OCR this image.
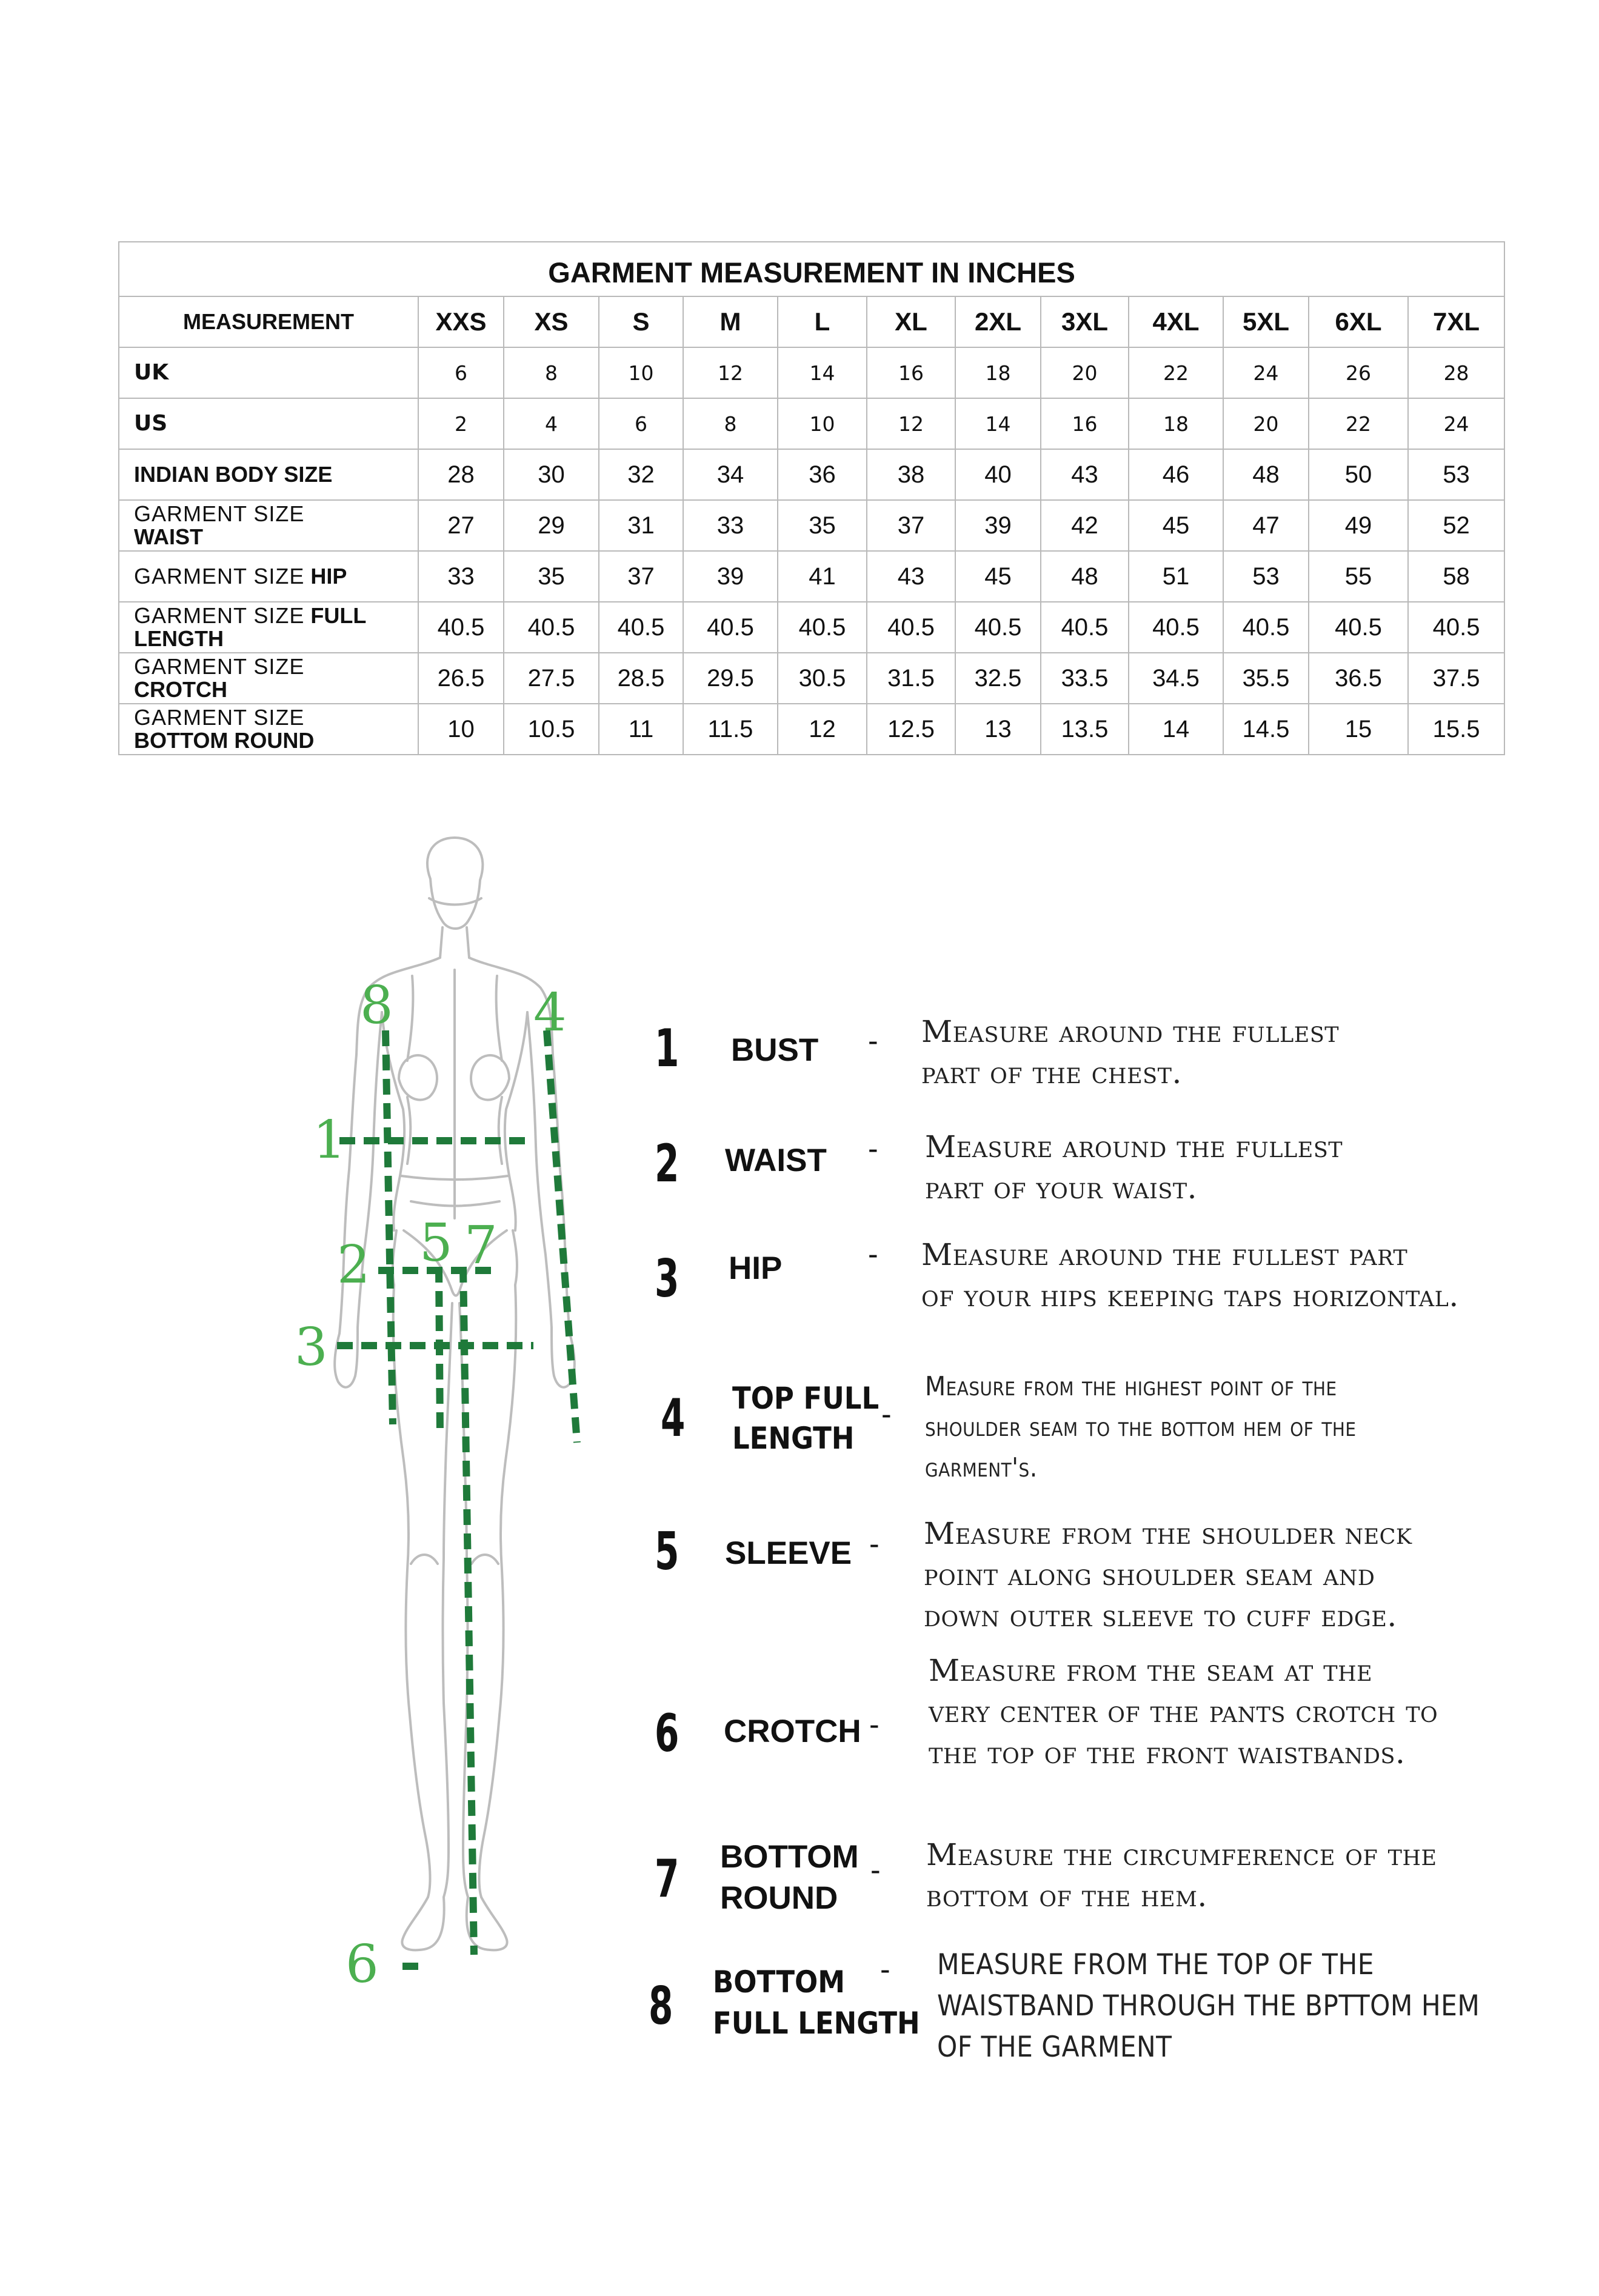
GARMENT MEASUREMENT IN INCHES												
MEASUREMENT	XXS	XS	S	M	L	XL	2XL	3XL	4XL	5XL	6XL	7XL
UK	6	8	10	12	14	16	18	20	22	24	26	28
US	2	4	6	8	10	12	14	16	18	20	22	24
INDIAN BODY SIZE	28	30	32	34	36	38	40	43	46	48	50	53
GARMENT SIZE
WAIST	27	29	31	33	35	37	39	42	45	47	49	52
GARMENT SIZE HIP	33	35	37	39	41	43	45	48	51	53	55	58
GARMENT SIZE FULL LENGTH	40.5	40.5	40.5	40.5	40.5	40.5	40.5	40.5	40.5	40.5	40.5	40.5
GARMENT SIZE
CROTCH	26.5	27.5	28.5	29.5	30.5	31.5	32.5	33.5	34.5	35.5	36.5	37.5
GARMENT SIZE
BOTTOM ROUND	10	10.5	11	11.5	12	12.5	13	13.5	14	14.5	15	15.5
8	4
1
2 5 7
3
6
1 BUST - Measure around the fullest
part of the chest.
2 WAIST - Measure around the fullest
part of your waist.
3 HIP	- Measure around the fullest part
of your hips keeping taps horizontal.
4 TOP FULL
LENGTH
-
Measure from the highest point of the
shoulder seam to the bottom hem of the
garment's.
5 SLEEVE - Measure from the shoulder neck
point along shoulder seam and
down outer sleeve to cuff edge.
6 CROTCH -
Measure from the seam at the
very center of the pants crotch to
the top of the front waistbands.
7 BOTTOM
ROUND
- Measure the circumference of the
bottom of the hem.
8 BOTTOM
FULL LENGTH
- MEASURE FROM THE TOP OF THE
WAISTBAND THROUGH THE BPTTOM HEM
OF THE GARMENT
